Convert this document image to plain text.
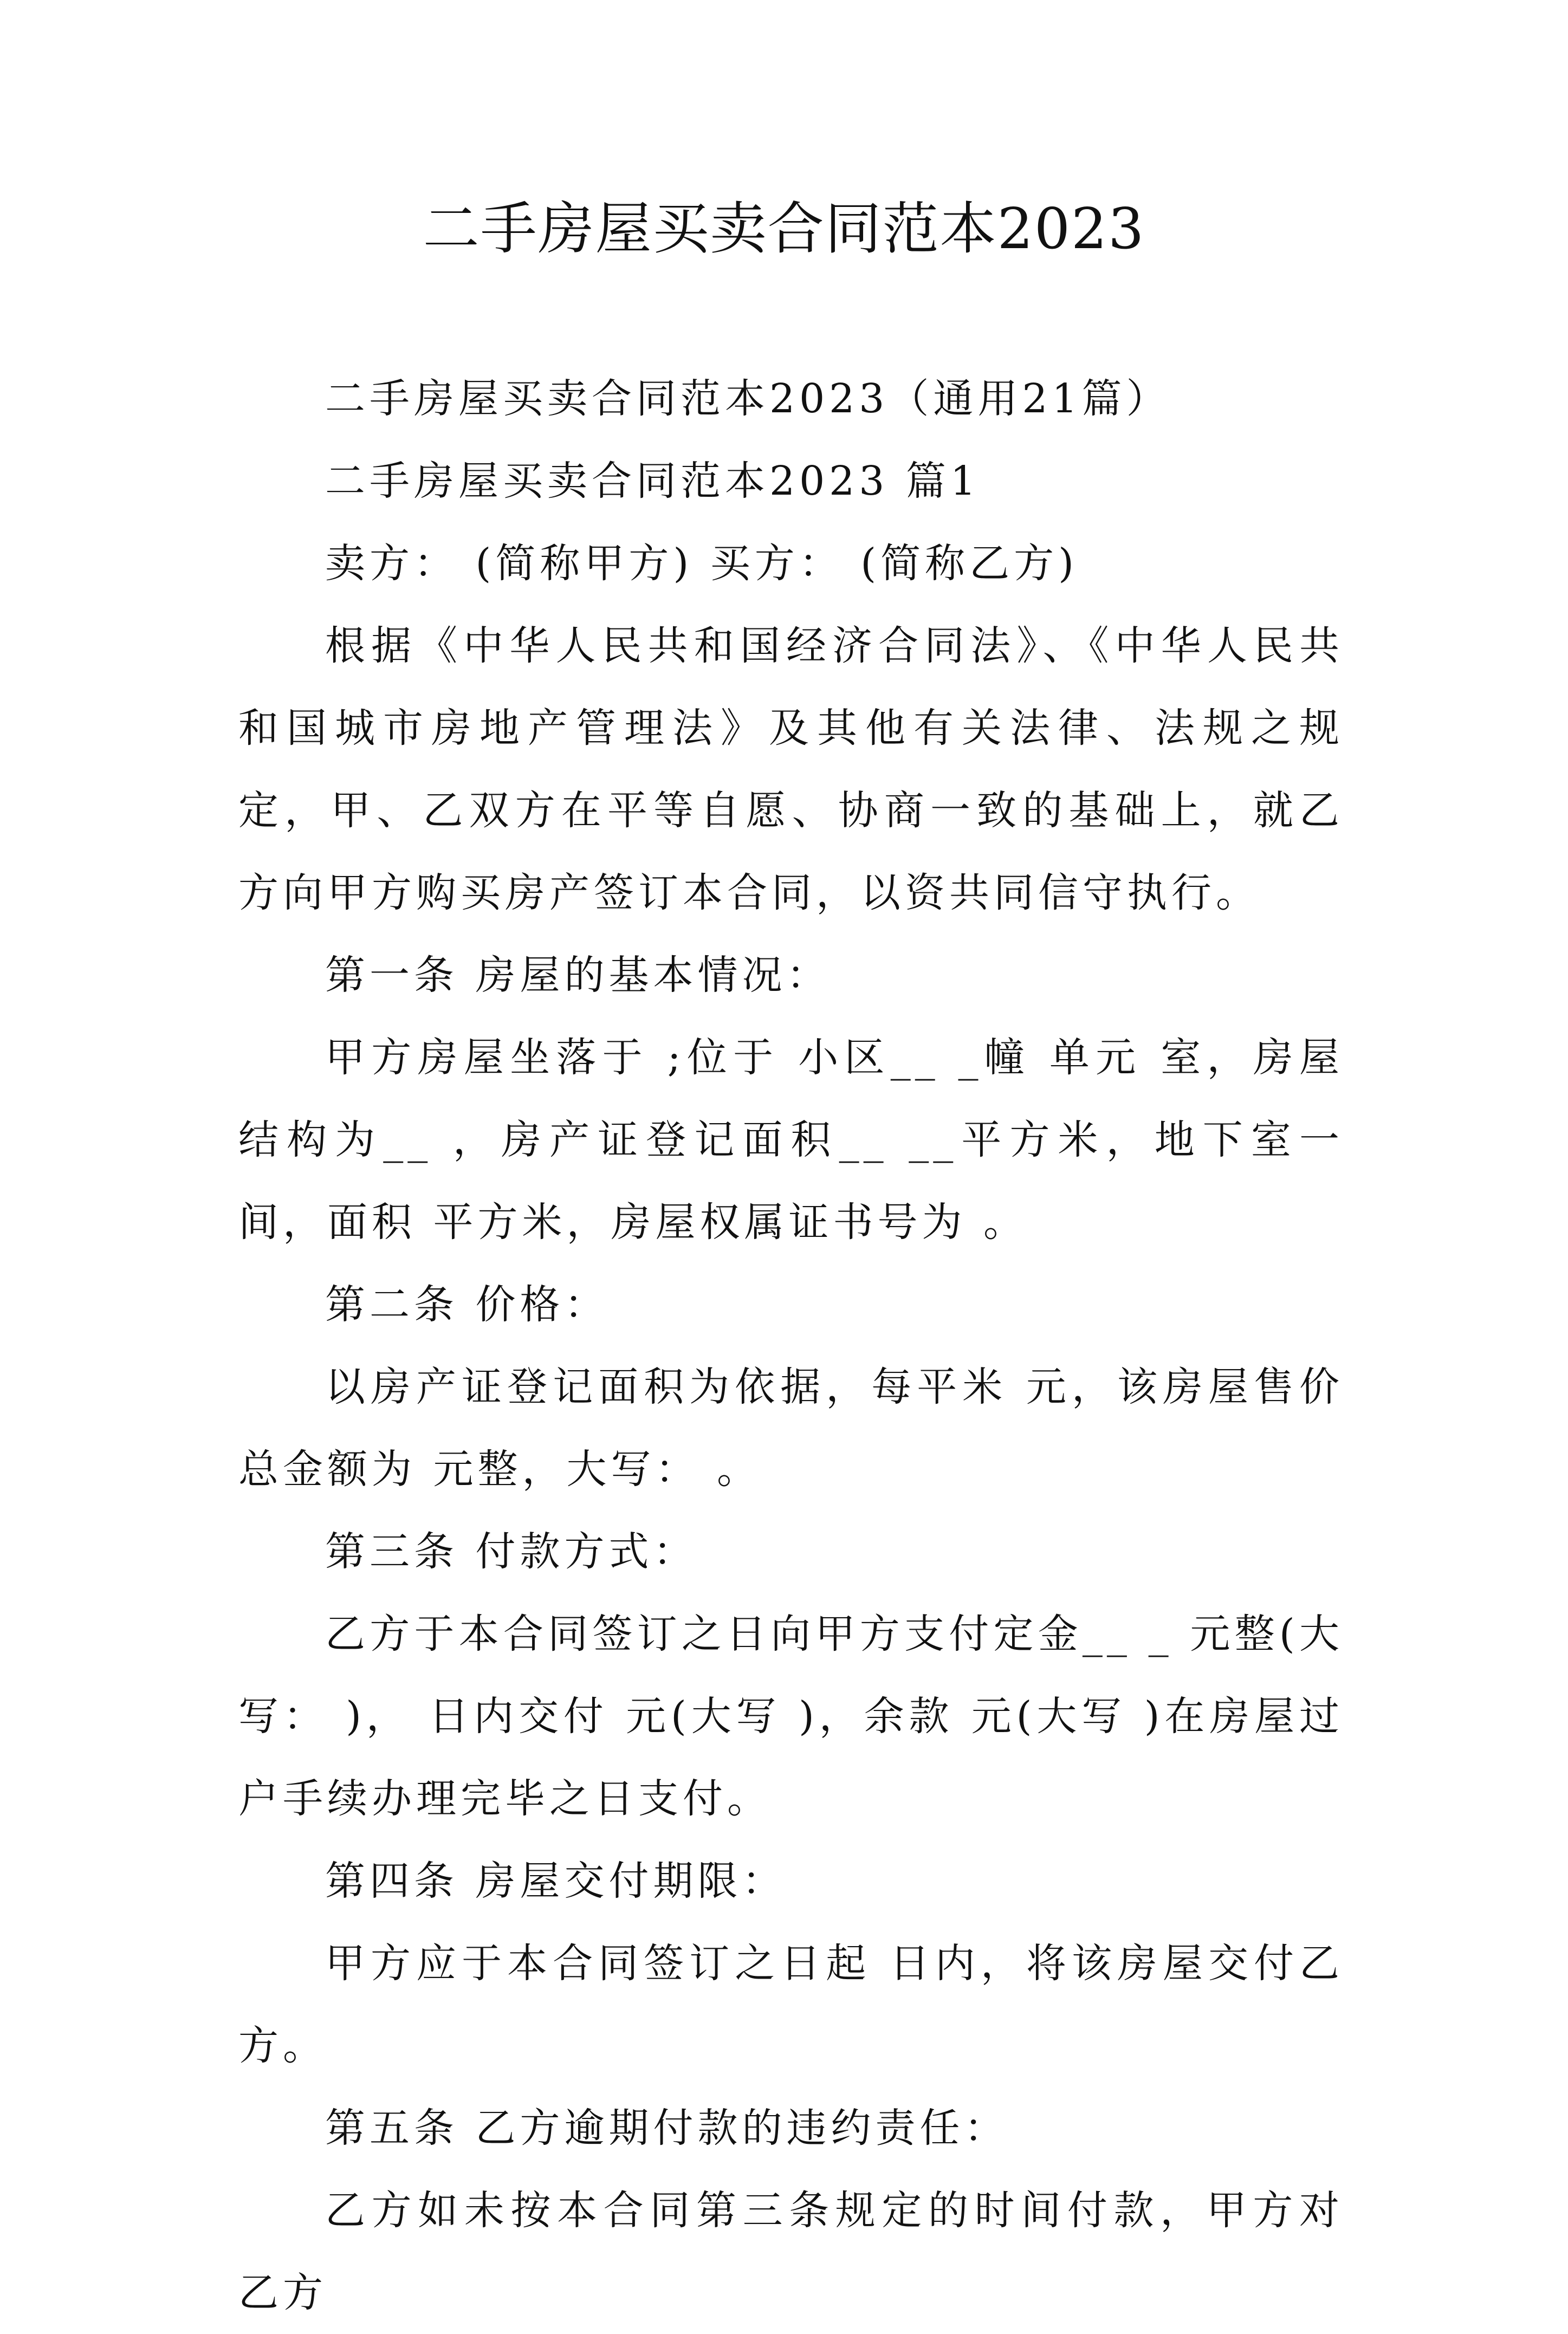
二手房屋买卖合同范本2023

二手房屋买卖合同范本2023（通用21篇）

二手房屋买卖合同范本2023 篇1

卖方： (简称甲方) 买方： (简称乙方)

根据《中华人民共和国经济合同法》、《中华人民共和国城市房地产管理法》及其他有关法律、法规之规定，甲、乙双方在平等自愿、协商一致的基础上，就乙方向甲方购买房产签订本合同，以资共同信守执行。

第一条 房屋的基本情况：

甲方房屋坐落于 ;位于 小区__ _幢 单元 室，房屋结构为__ ，房产证登记面积__ __平方米，地下室一间，面积 平方米，房屋权属证书号为 。

第二条 价格：

以房产证登记面积为依据，每平米 元，该房屋售价总金额为 元整，大写： 。

第三条 付款方式：

乙方于本合同签订之日向甲方支付定金__ _ 元整(大写： )， 日内交付 元(大写 )，余款 元(大写 )在房屋过户手续办理完毕之日支付。

第四条 房屋交付期限：

甲方应于本合同签订之日起 日内，将该房屋交付乙方。

第五条 乙方逾期付款的违约责任：

乙方如未按本合同第三条规定的时间付款，甲方对乙方
